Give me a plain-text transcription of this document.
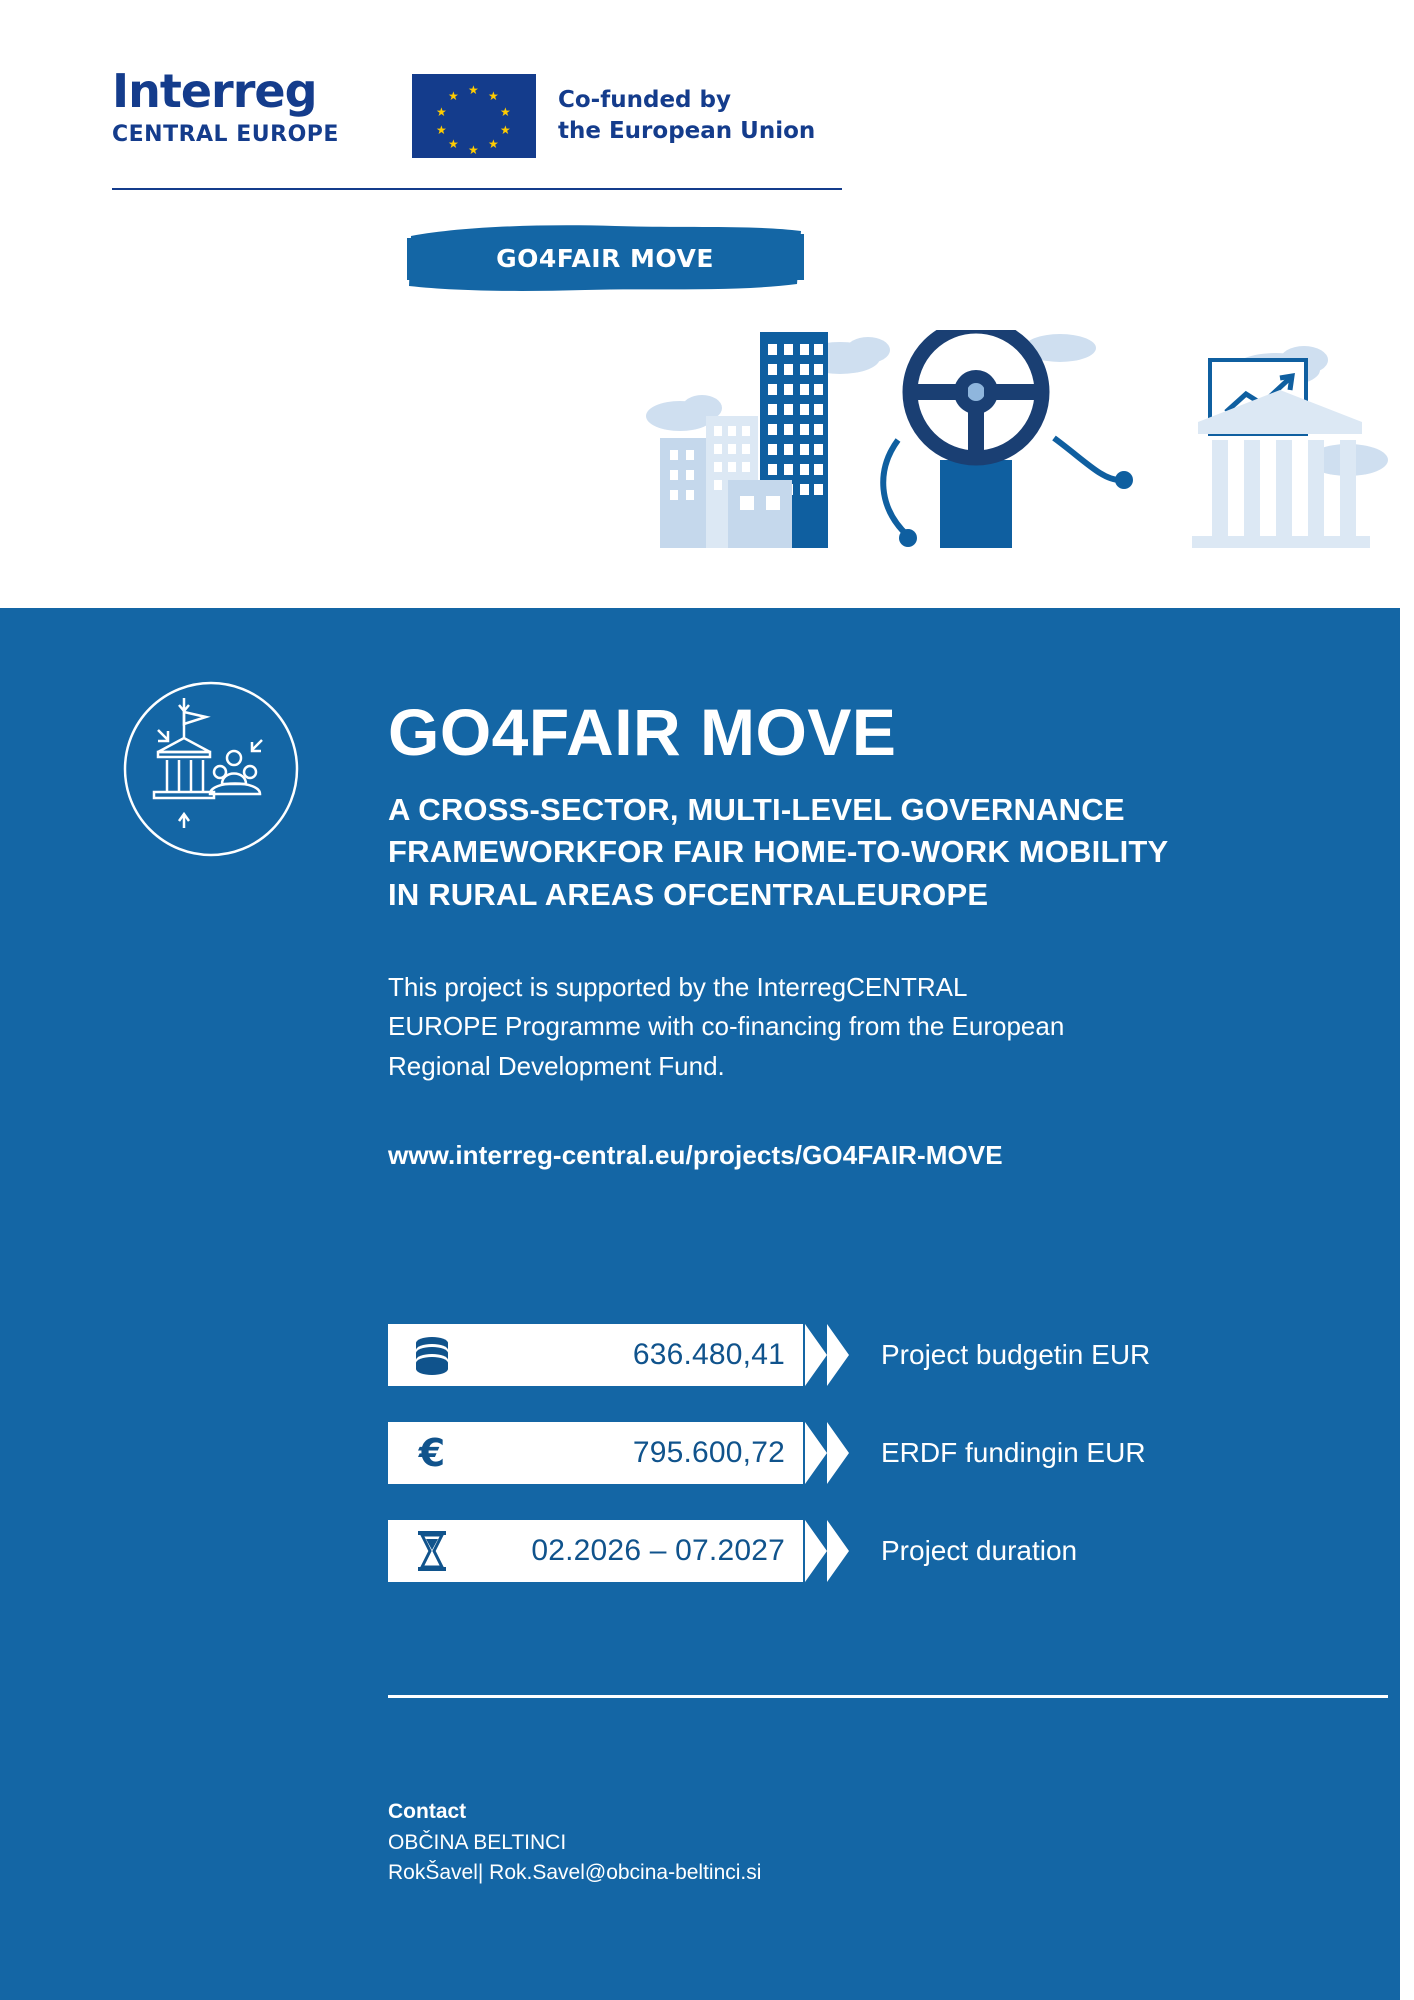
Interreg
CENTRAL EUROPE
★ ★
★
★
★
★
★
★
★
★	Co-funded by
the European Union
GO4FAIR MOVE
GO4FAIR MOVE
A CROSS-SECTOR, MULTI-LEVEL GOVERNANCE
FRAMEWORKFOR FAIR HOME-TO-WORK MOBILITY
IN RURAL AREAS OFCENTRALEUROPE
This project is supported by the InterregCENTRAL
EUROPE Programme with co-financing from the European
Regional Development Fund.
www.interreg-central.eu/projects/GO4FAIR-MOVE
636.480,41	Project budgetin EUR
€	795.600,72	ERDF fundingin EUR
02.2026 – 07.2027	Project duration
Contact
OBČINA BELTINCI
RokŠavel| Rok.Savel@obcina-beltinci.si
